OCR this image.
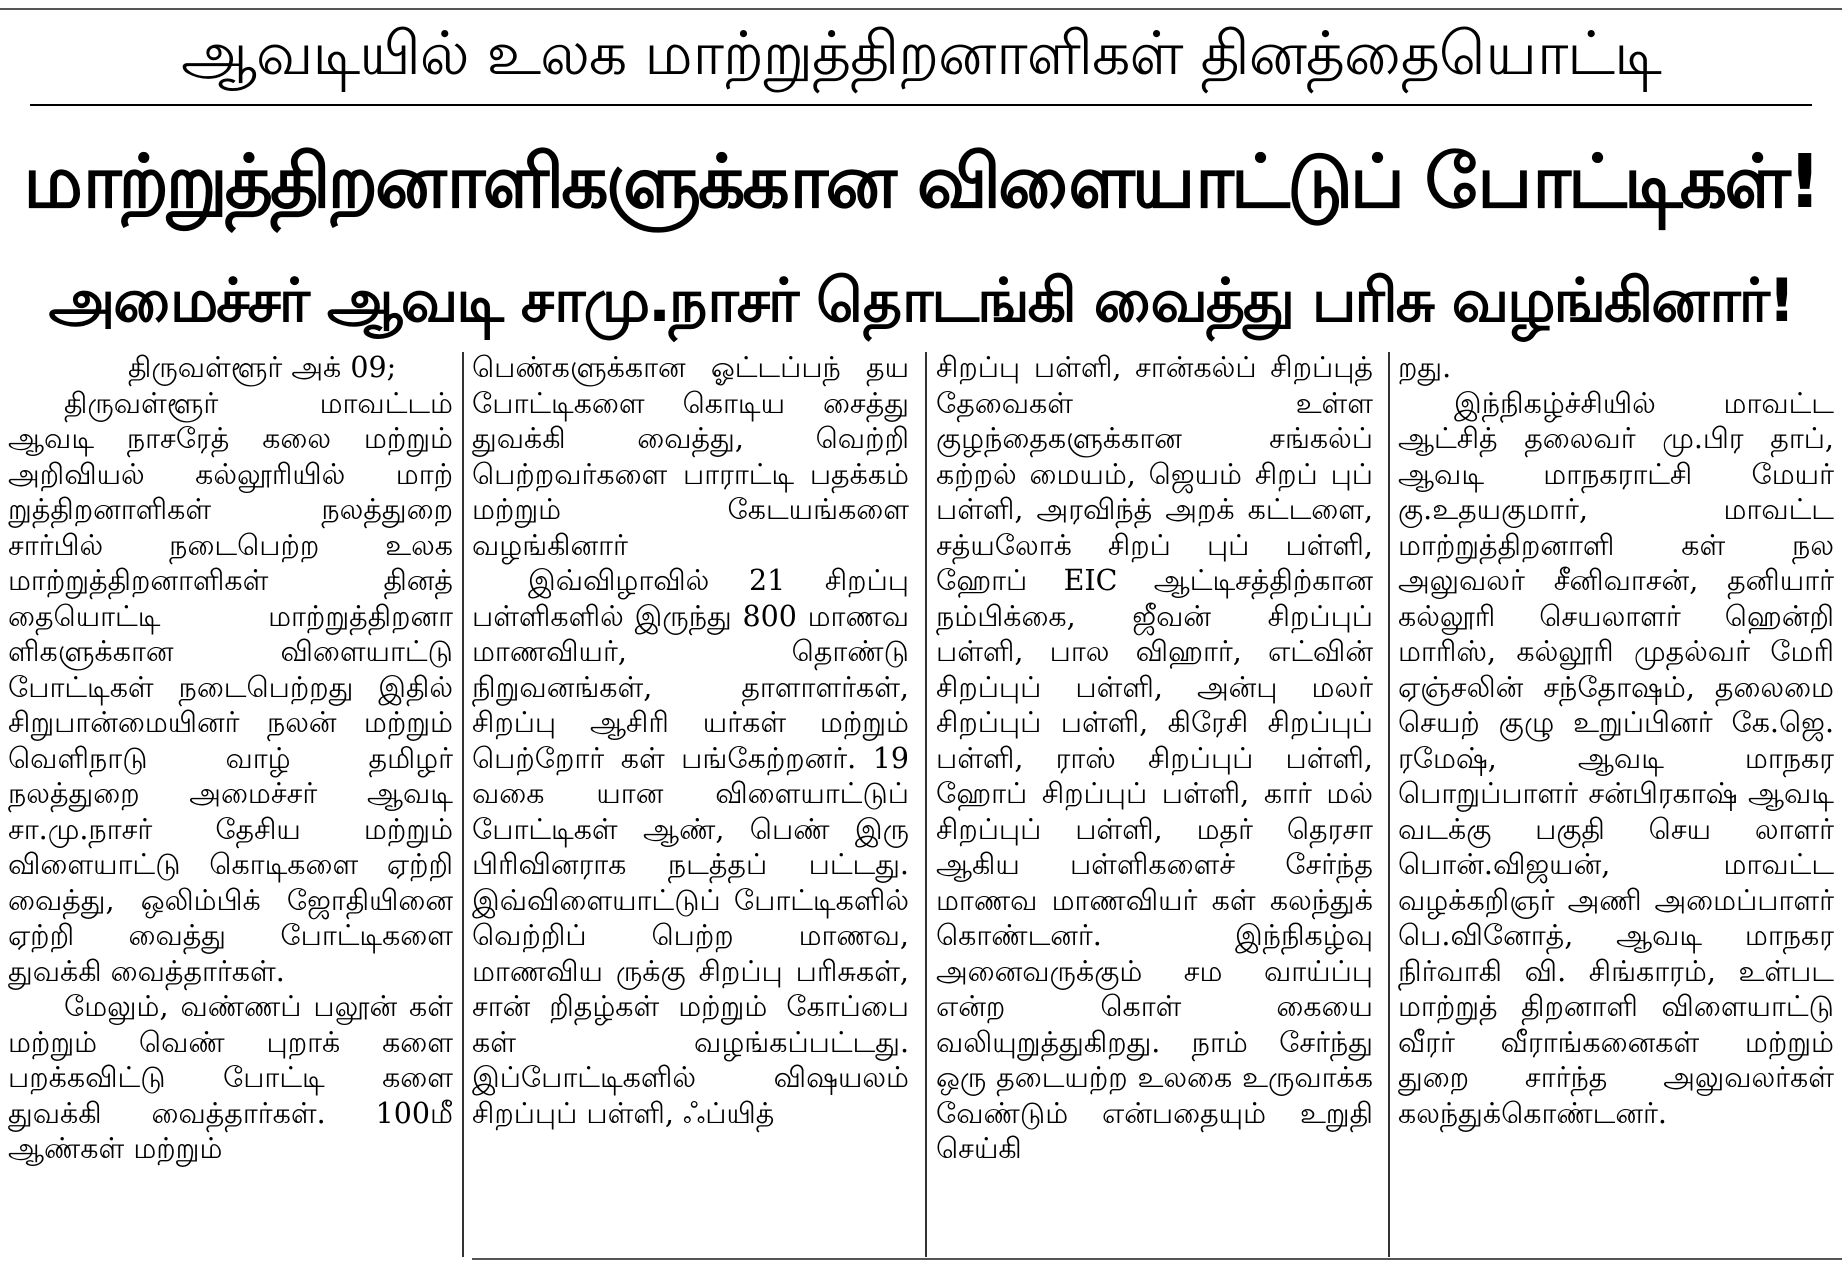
ஆவடியில் உலக மாற்றுத்திறனாளிகள் தினத்தையொட்டி
மாற்றுத்திறனாளிகளுக்கான விளையாட்டுப் போட்டிகள்!
அமைச்சர் ஆவடி சாமு.நாசர் தொடங்கி வைத்து பரிசு வழங்கினார்!

திருவள்ளூர் அக் 09;

திருவள்ளூர் மாவட்டம் ஆவடி நாசரேத் கலை மற்றும் அறிவியல் கல்லூரியில் மாற் றுத்திறனாளிகள் நலத்துறை சார்பில் நடைபெற்ற உலக மாற்றுத்திறனாளிகள் தினத் தையொட்டி மாற்றுத்திறனா ளிகளுக்கான விளையாட்டு போட்டிகள் நடைபெற்றது இதில் சிறுபான்மையினர் நலன் மற்றும் வெளிநாடு வாழ் தமிழர் நலத்துறை அமைச்சர் ஆவடி சா.மு.நாசர் தேசிய மற்றும் விளையாட்டு கொடிகளை ஏற்றி வைத்து, ஒலிம்பிக் ஜோதியினை ஏற்றி வைத்து போட்டிகளை துவக்கி வைத்தார்கள்.

மேலும், வண்ணப் பலூன் கள் மற்றும் வெண் புறாக் களை பறக்கவிட்டு போட்டி களை துவக்கி வைத்தார்கள். 100மீ ஆண்கள் மற்றும்

பெண்களுக்கான ஓட்டப்பந் தய போட்டிகளை கொடிய சைத்து துவக்கி வைத்து, வெற்றி பெற்றவர்களை பாராட்டி பதக்கம் மற்றும் கேடயங்களை வழங்கினார்

இவ்விழாவில் 21 சிறப்பு பள்ளிகளில் இருந்து 800 மாணவ மாணவியர், தொண்டு நிறுவனங்கள், தாளாளர்கள், சிறப்பு ஆசிரி யர்கள் மற்றும் பெற்றோர் கள் பங்கேற்றனர். 19 வகை யான விளையாட்டுப் போட்டிகள் ஆண், பெண் இரு பிரிவினராக நடத்தப் பட்டது. இவ்விளையாட்டுப் போட்டிகளில் வெற்றிப் பெற்ற மாணவ, மாணவிய ருக்கு சிறப்பு பரிசுகள், சான் றிதழ்கள் மற்றும் கோப்பை கள் வழங்கப்பட்டது. இப்போட்டிகளில் விஷயலம் சிறப்புப் பள்ளி, ஃப்யித்

சிறப்பு பள்ளி, சான்கல்ப் சிறப்புத் தேவைகள் உள்ள குழந்தைகளுக்கான சங்கல்ப் கற்றல் மையம், ஜெயம் சிறப் புப் பள்ளி, அரவிந்த் அறக் கட்டளை, சத்யலோக் சிறப் புப் பள்ளி, ஹோப் EIC ஆட்டிசத்திற்கான நம்பிக்கை, ஜீவன் சிறப்புப் பள்ளி, பால விஹார், எட்வின் சிறப்புப் பள்ளி, அன்பு மலர் சிறப்புப் பள்ளி, கிரேசி சிறப்புப் பள்ளி, ராஸ் சிறப்புப் பள்ளி, ஹோப் சிறப்புப் பள்ளி, கார் மல் சிறப்புப் பள்ளி, மதர் தெரசா ஆகிய பள்ளிகளைச் சேர்ந்த மாணவ மாணவியர் கள் கலந்துக் கொண்டனர். இந்நிகழ்வு அனைவருக்கும் சம வாய்ப்பு என்ற கொள் கையை வலியுறுத்துகிறது. நாம் சேர்ந்து ஒரு தடையற்ற உலகை உருவாக்க வேண்டும் என்பதையும் உறுதி செய்கி

றது.

இந்நிகழ்ச்சியில் மாவட்ட ஆட்சித் தலைவர் மு.பிர தாப், ஆவடி மாநகராட்சி மேயர் கு.உதயகுமார், மாவட்ட மாற்றுத்திறனாளி கள் நல அலுவலர் சீனிவாசன், தனியார் கல்லூரி செயலாளர் ஹென்றி மாரிஸ், கல்லூரி முதல்வர் மேரி ஏஞ்சலின் சந்தோஷம், தலைமை செயற் குழு உறுப்பினர் கே.ஜெ. ரமேஷ், ஆவடி மாநகர பொறுப்பாளர் சன்பிரகாஷ் ஆவடி வடக்கு பகுதி செய லாளர் பொன்.விஜயன், மாவட்ட வழக்கறிஞர் அணி அமைப்பாளர் பெ.வினோத், ஆவடி மாநகர நிர்வாகி வி. சிங்காரம், உள்பட மாற்றுத் திறனாளி விளையாட்டு வீரர் வீராங்கனைகள் மற்றும் துறை சார்ந்த அலுவலர்கள் கலந்துக்கொண்டனர்.
